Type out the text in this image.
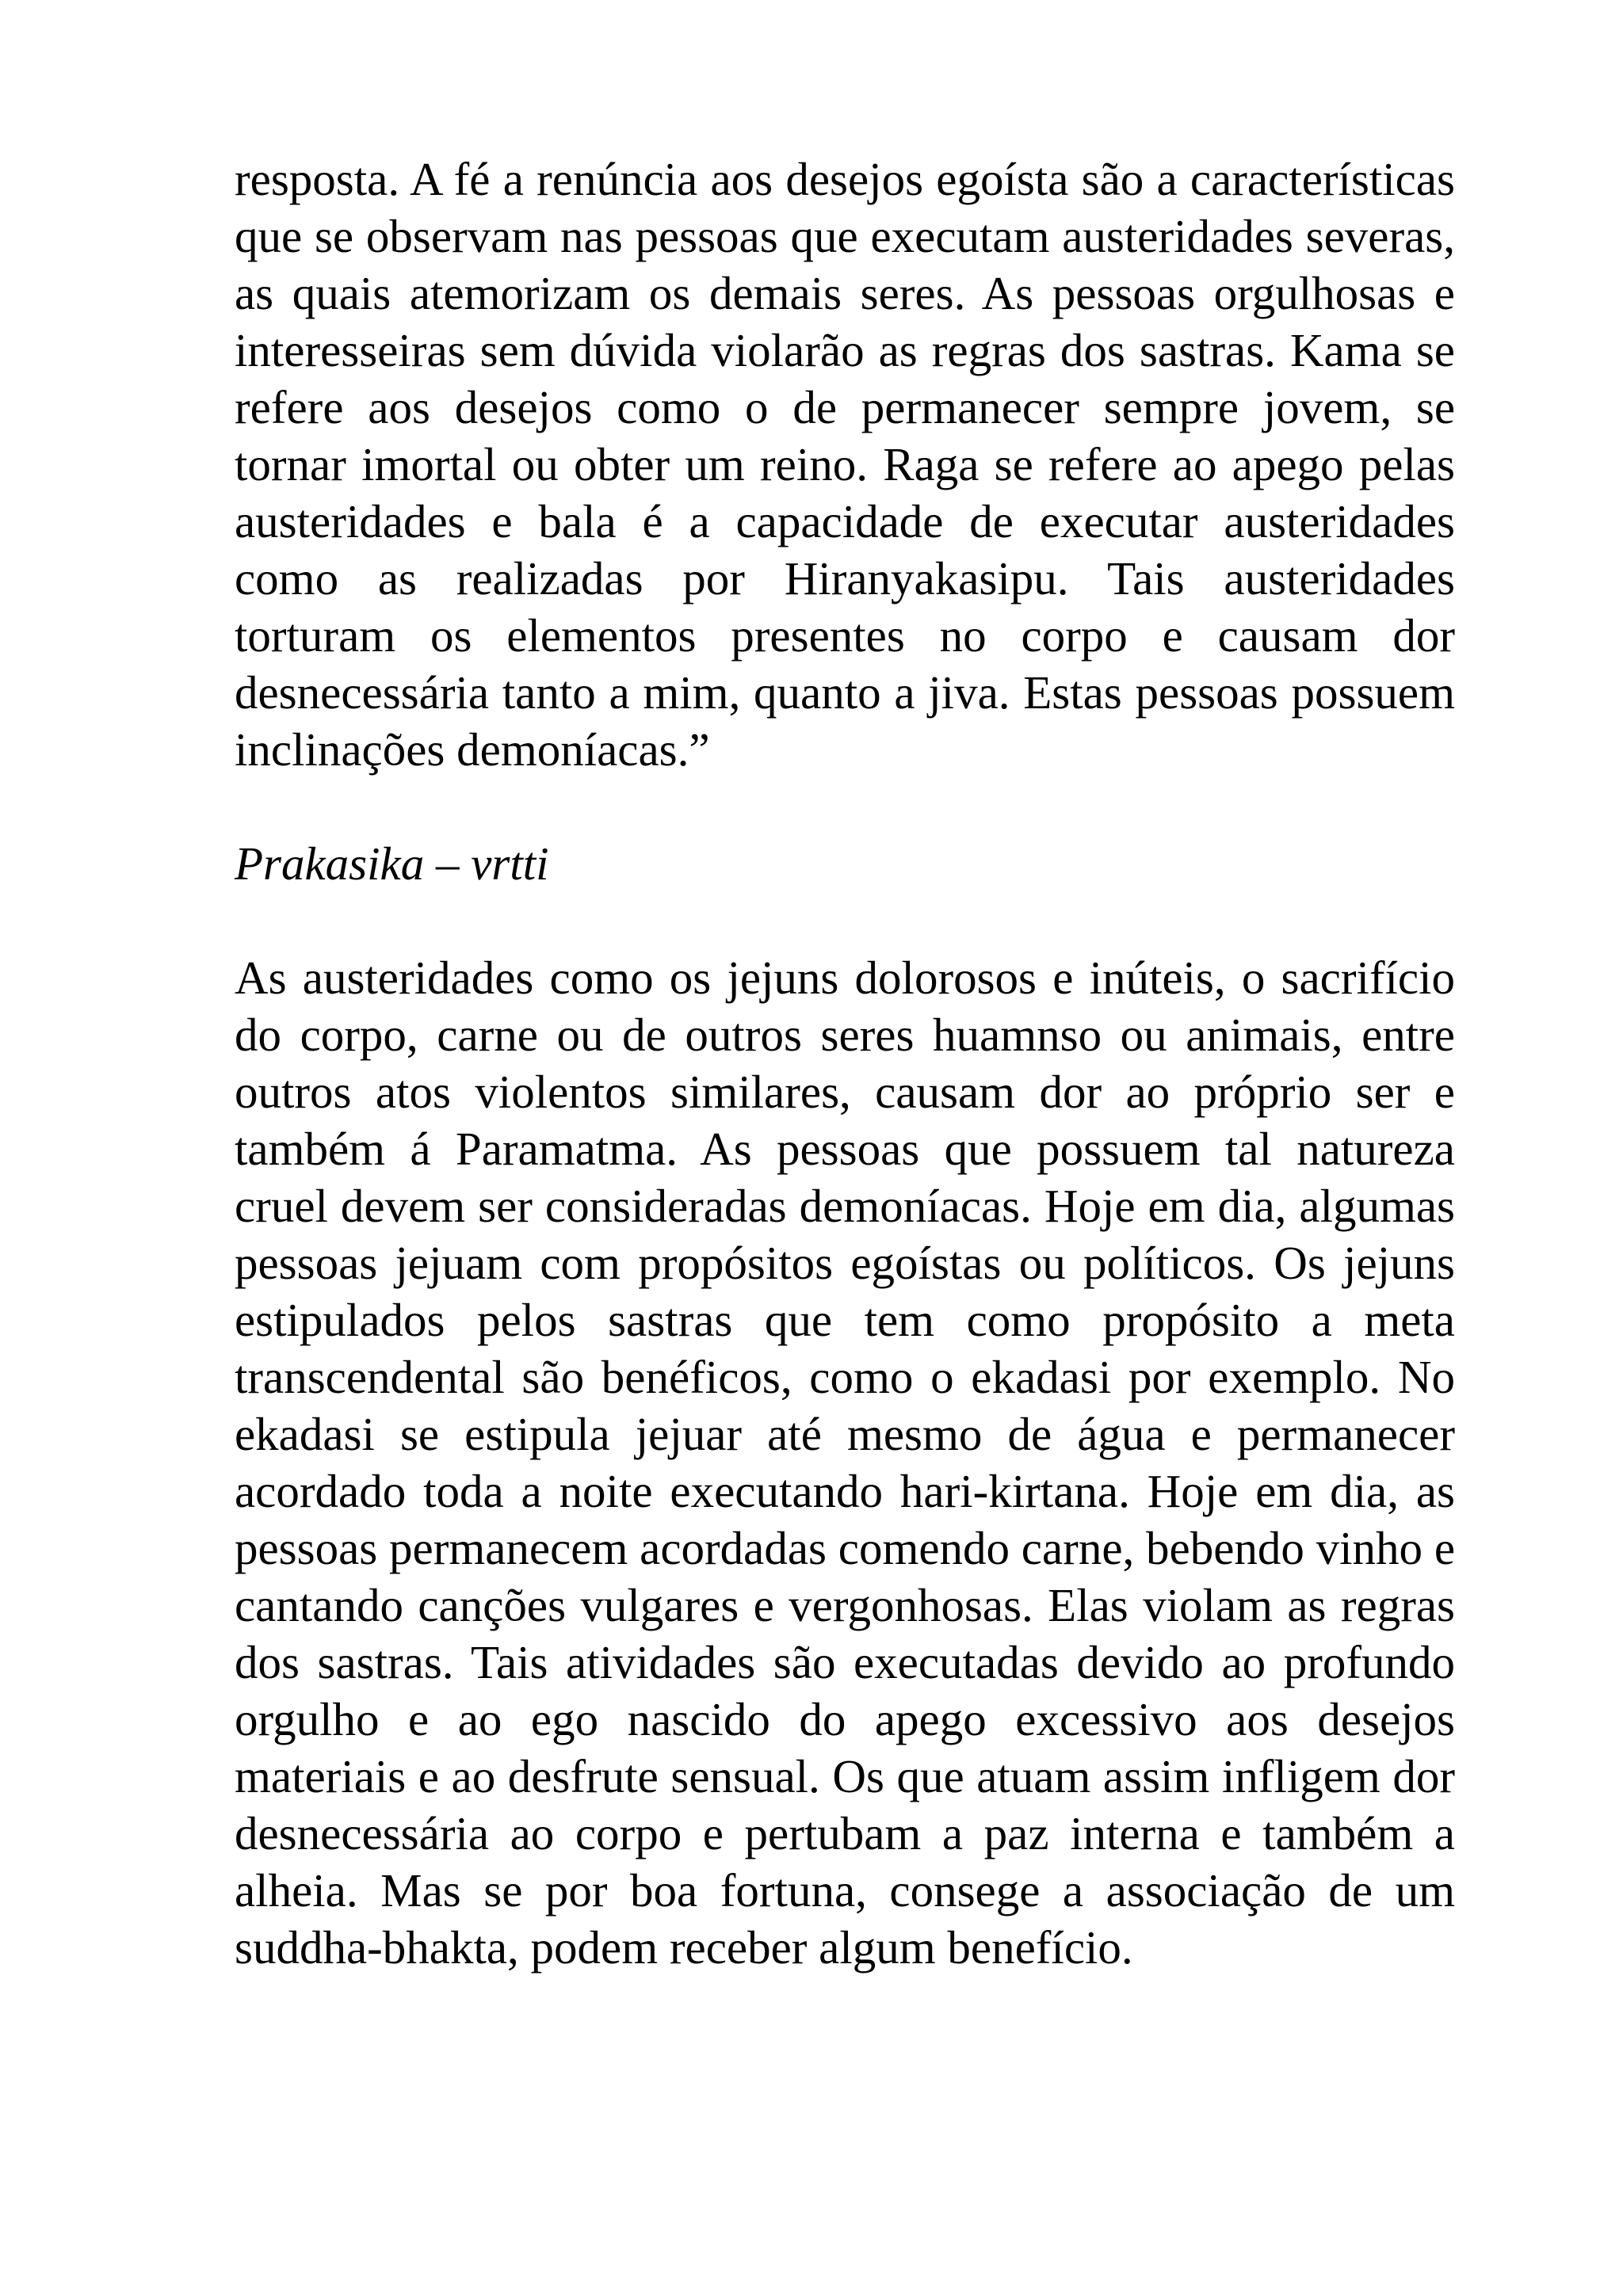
resposta. A fé a renúncia aos desejos egoísta são a características que se observam nas pessoas que executam austeridades severas, as quais atemorizam os demais seres. As pessoas orgulhosas e interesseiras sem dúvida violarão as regras dos sastras. Kama se refere aos desejos como o de permanecer sempre jovem, se tornar imortal ou obter um reino. Raga se refere ao apego pelas austeridades e bala é a capacidade de executar austeridades como as realizadas por Hiranyakasipu. Tais austeridades torturam os elementos presentes no corpo e causam dor desnecessária tanto a mim, quanto a jiva. Estas pessoas possuem inclinações demoníacas.”

Prakasika – vrtti

As austeridades como os jejuns dolorosos e inúteis, o sacrifício do corpo, carne ou de outros seres huamnso ou animais, entre outros atos violentos similares, causam dor ao próprio ser e também á Paramatma. As pessoas que possuem tal natureza cruel devem ser consideradas demoníacas. Hoje em dia, algumas pessoas jejuam com propósitos egoístas ou políticos. Os jejuns estipulados pelos sastras que tem como propósito a meta transcendental são benéficos, como o ekadasi por exemplo. No ekadasi se estipula jejuar até mesmo de água e permanecer acordado toda a noite executando hari-kirtana. Hoje em dia, as pessoas permanecem acordadas comendo carne, bebendo vinho e cantando canções vulgares e vergonhosas. Elas violam as regras dos sastras. Tais atividades são executadas devido ao profundo orgulho e ao ego nascido do apego excessivo aos desejos materiais e ao desfrute sensual. Os que atuam assim infligem dor desnecessária ao corpo e pertubam a paz interna e também a alheia. Mas se por boa fortuna, consege a associação de um suddha-bhakta, podem receber algum benefício.
